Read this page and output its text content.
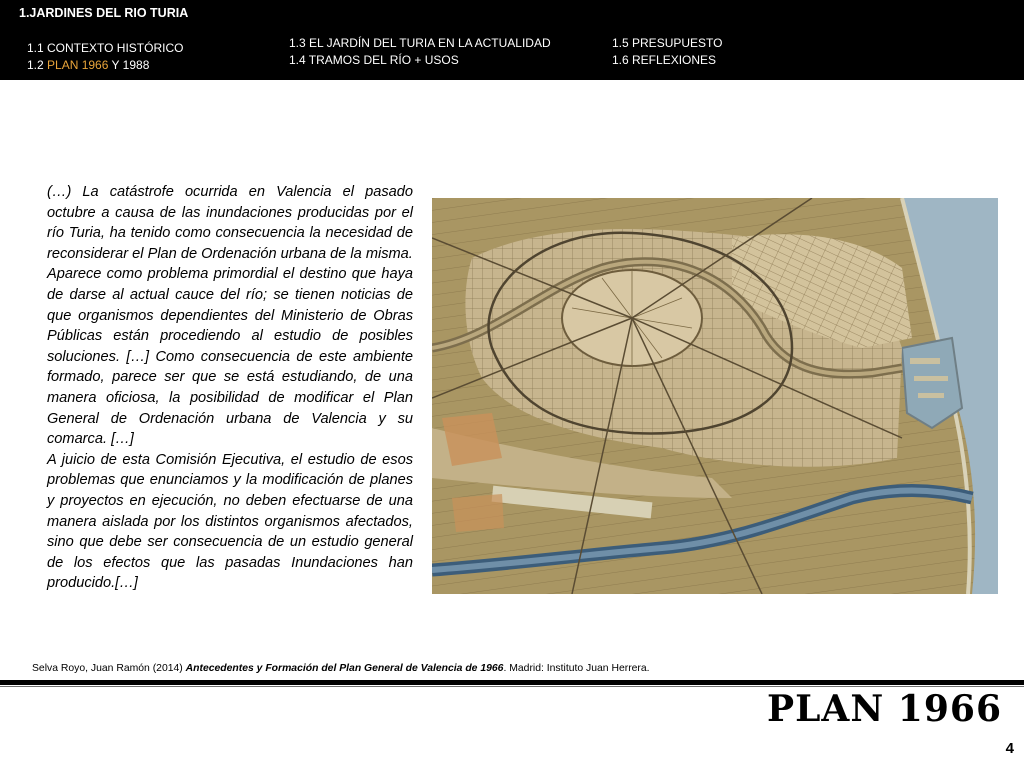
1.JARDINES DEL RIO TURIA
1.1 CONTEXTO HISTÓRICO
1.2 PLAN 1966 Y 1988
1.3 EL JARDÍN DEL TURIA EN LA ACTUALIDAD
1.4 TRAMOS DEL RÍO + USOS
1.5 PRESUPUESTO
1.6 REFLEXIONES

(…) La catástrofe ocurrida en Valencia el pasado octubre a causa de las inundaciones producidas por el río Turia, ha tenido como consecuencia la necesidad de reconsiderar el Plan de Ordenación urbana de la misma.

Aparece como problema primordial el destino que haya de darse al actual cauce del río; se tienen noticias de que organismos dependientes del Ministerio de Obras Públicas están procediendo al estudio de posibles soluciones. […] Como consecuencia de este ambiente formado, parece ser que se está estudiando, de una manera oficiosa, la posibilidad de modificar el Plan General de Ordenación urbana de Valencia y su comarca. […]

A juicio de esta Comisión Ejecutiva, el estudio de esos problemas que enunciamos y la modificación de planes y proyectos en ejecución, no deben efectuarse de una manera aislada por los distintos organismos afectados, sino que debe ser consecuencia de un estudio general de los efectos que las pasadas Inundaciones han producido.[…]

Selva Royo, Juan Ramón (2014) Antecedentes y Formación del Plan General de Valencia de 1966. Madrid: Instituto Juan Herrera.
PLAN 1966
4
